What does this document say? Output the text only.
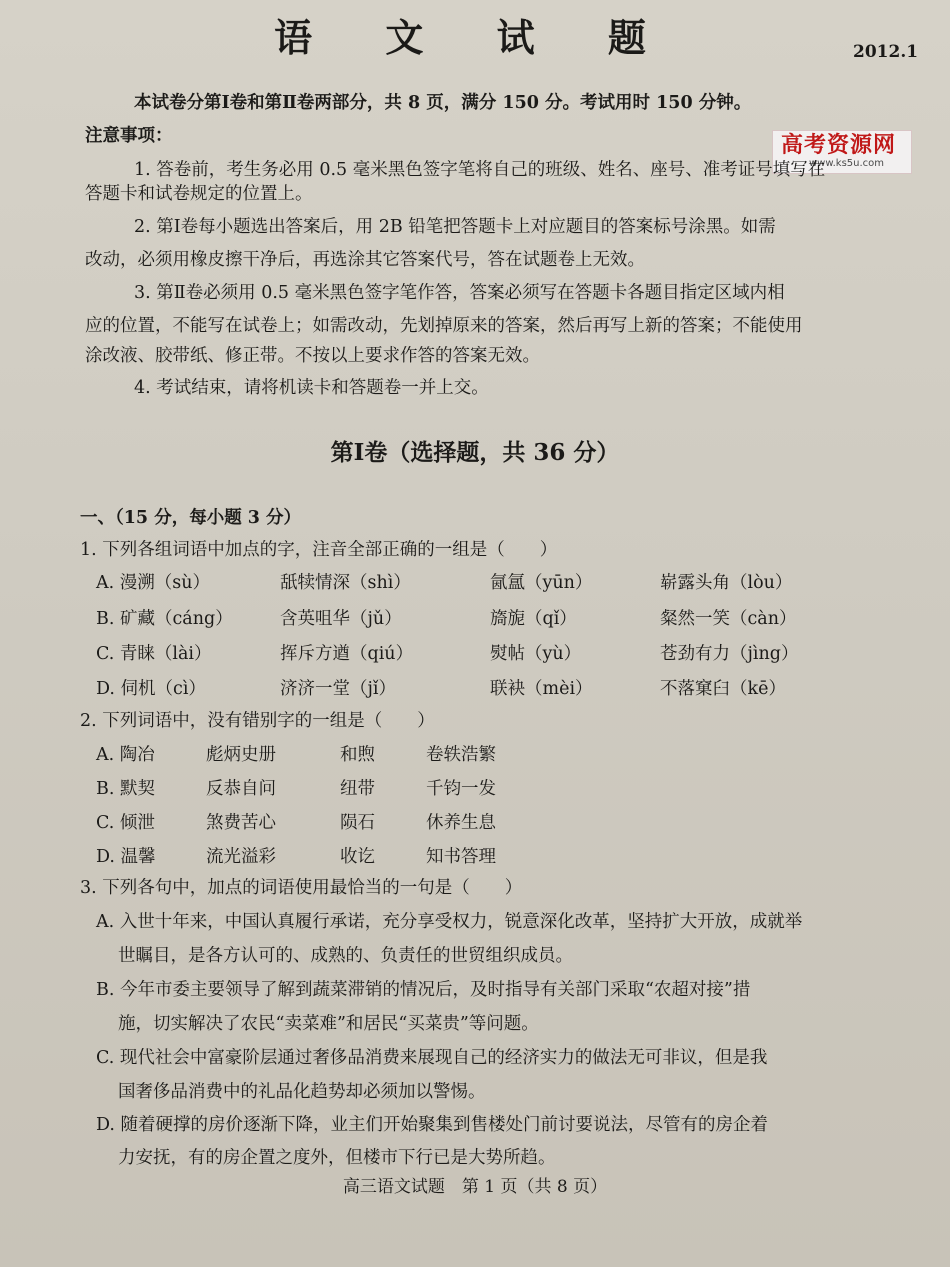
语 文 试 题	2012.1
高考资源网
www.ks5u.com
本试卷分第Ⅰ卷和第Ⅱ卷两部分，共 8 页，满分 150 分。考试用时 150 分钟。
注意事项：
1. 答卷前，考生务必用 0.5 毫米黑色签字笔将自己的班级、姓名、座号、准考证号填写在
答题卡和试卷规定的位置上。
2. 第Ⅰ卷每小题选出答案后，用 2B 铅笔把答题卡上对应题目的答案标号涂黑。如需
改动，必须用橡皮擦干净后，再选涂其它答案代号，答在试题卷上无效。
3. 第Ⅱ卷必须用 0.5 毫米黑色签字笔作答，答案必须写在答题卡各题目指定区域内相
应的位置，不能写在试卷上；如需改动，先划掉原来的答案，然后再写上新的答案；不能使用
涂改液、胶带纸、修正带。不按以上要求作答的答案无效。
4. 考试结束，请将机读卡和答题卷一并上交。
第Ⅰ卷（选择题，共 36 分）
一、（15 分，每小题 3 分）
1. 下列各组词语中加点的字，注音全部正确的一组是（　　）
A. 漫溯（sù）	舐犊情深（shì）	氤氲（yūn）	崭露头角（lòu）
B. 矿藏（cáng）	含英咀华（jǔ）	旖旎（qǐ）	粲然一笑（càn）
C. 青睐（lài）	挥斥方遒（qiú）	熨帖（yù）	苍劲有力（jìng）
D. 伺机（cì）	济济一堂（jǐ）	联袂（mèi）	不落窠臼（kē）
2. 下列词语中，没有错别字的一组是（　　）
A. 陶冶	彪炳史册	和煦	卷轶浩繁
B. 默契	反恭自问	纽带	千钧一发
C. 倾泄	煞费苦心	陨石	休养生息
D. 温馨	流光溢彩	收讫	知书答理
3. 下列各句中，加点的词语使用最恰当的一句是（　　）
A. 入世十年来，中国认真履行承诺，充分享受权力，锐意深化改革，坚持扩大开放，成就举
世瞩目，是各方认可的、成熟的、负责任的世贸组织成员。
B. 今年市委主要领导了解到蔬菜滞销的情况后，及时指导有关部门采取“农超对接”措
施，切实解决了农民“卖菜难”和居民“买菜贵”等问题。
C. 现代社会中富豪阶层通过奢侈品消费来展现自己的经济实力的做法无可非议，但是我
国奢侈品消费中的礼品化趋势却必须加以警惕。
D. 随着硬撑的房价逐渐下降，业主们开始聚集到售楼处门前讨要说法，尽管有的房企着
力安抚，有的房企置之度外，但楼市下行已是大势所趋。
高三语文试题　第 1 页（共 8 页）
